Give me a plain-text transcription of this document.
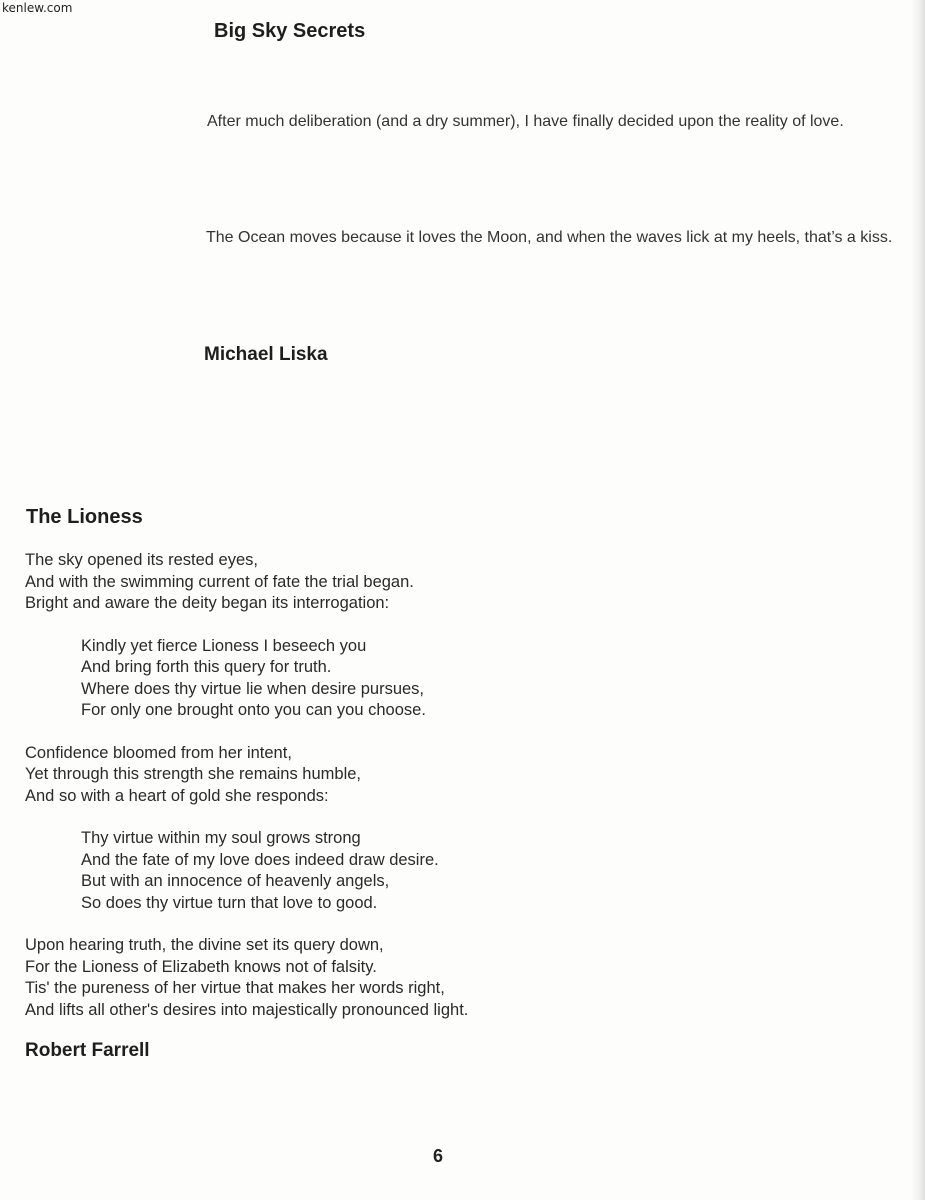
kenlew.com
Big Sky Secrets
After much deliberation (and a dry summer), I have finally decided upon the reality of love.
The Ocean moves because it loves the Moon, and when the waves lick at my heels, that’s a kiss.
Michael Liska
The Lioness
The sky opened its rested eyes,
And with the swimming current of fate the trial began.
Bright and aware the deity began its interrogation:
Kindly yet fierce Lioness I beseech you
And bring forth this query for truth.
Where does thy virtue lie when desire pursues,
For only one brought onto you can you choose.
Confidence bloomed from her intent,
Yet through this strength she remains humble,
And so with a heart of gold she responds:
Thy virtue within my soul grows strong
And the fate of my love does indeed draw desire.
But with an innocence of heavenly angels,
So does thy virtue turn that love to good.
Upon hearing truth, the divine set its query down,
For the Lioness of Elizabeth knows not of falsity.
Tis' the pureness of her virtue that makes her words right,
And lifts all other's desires into majestically pronounced light.
Robert Farrell
6
